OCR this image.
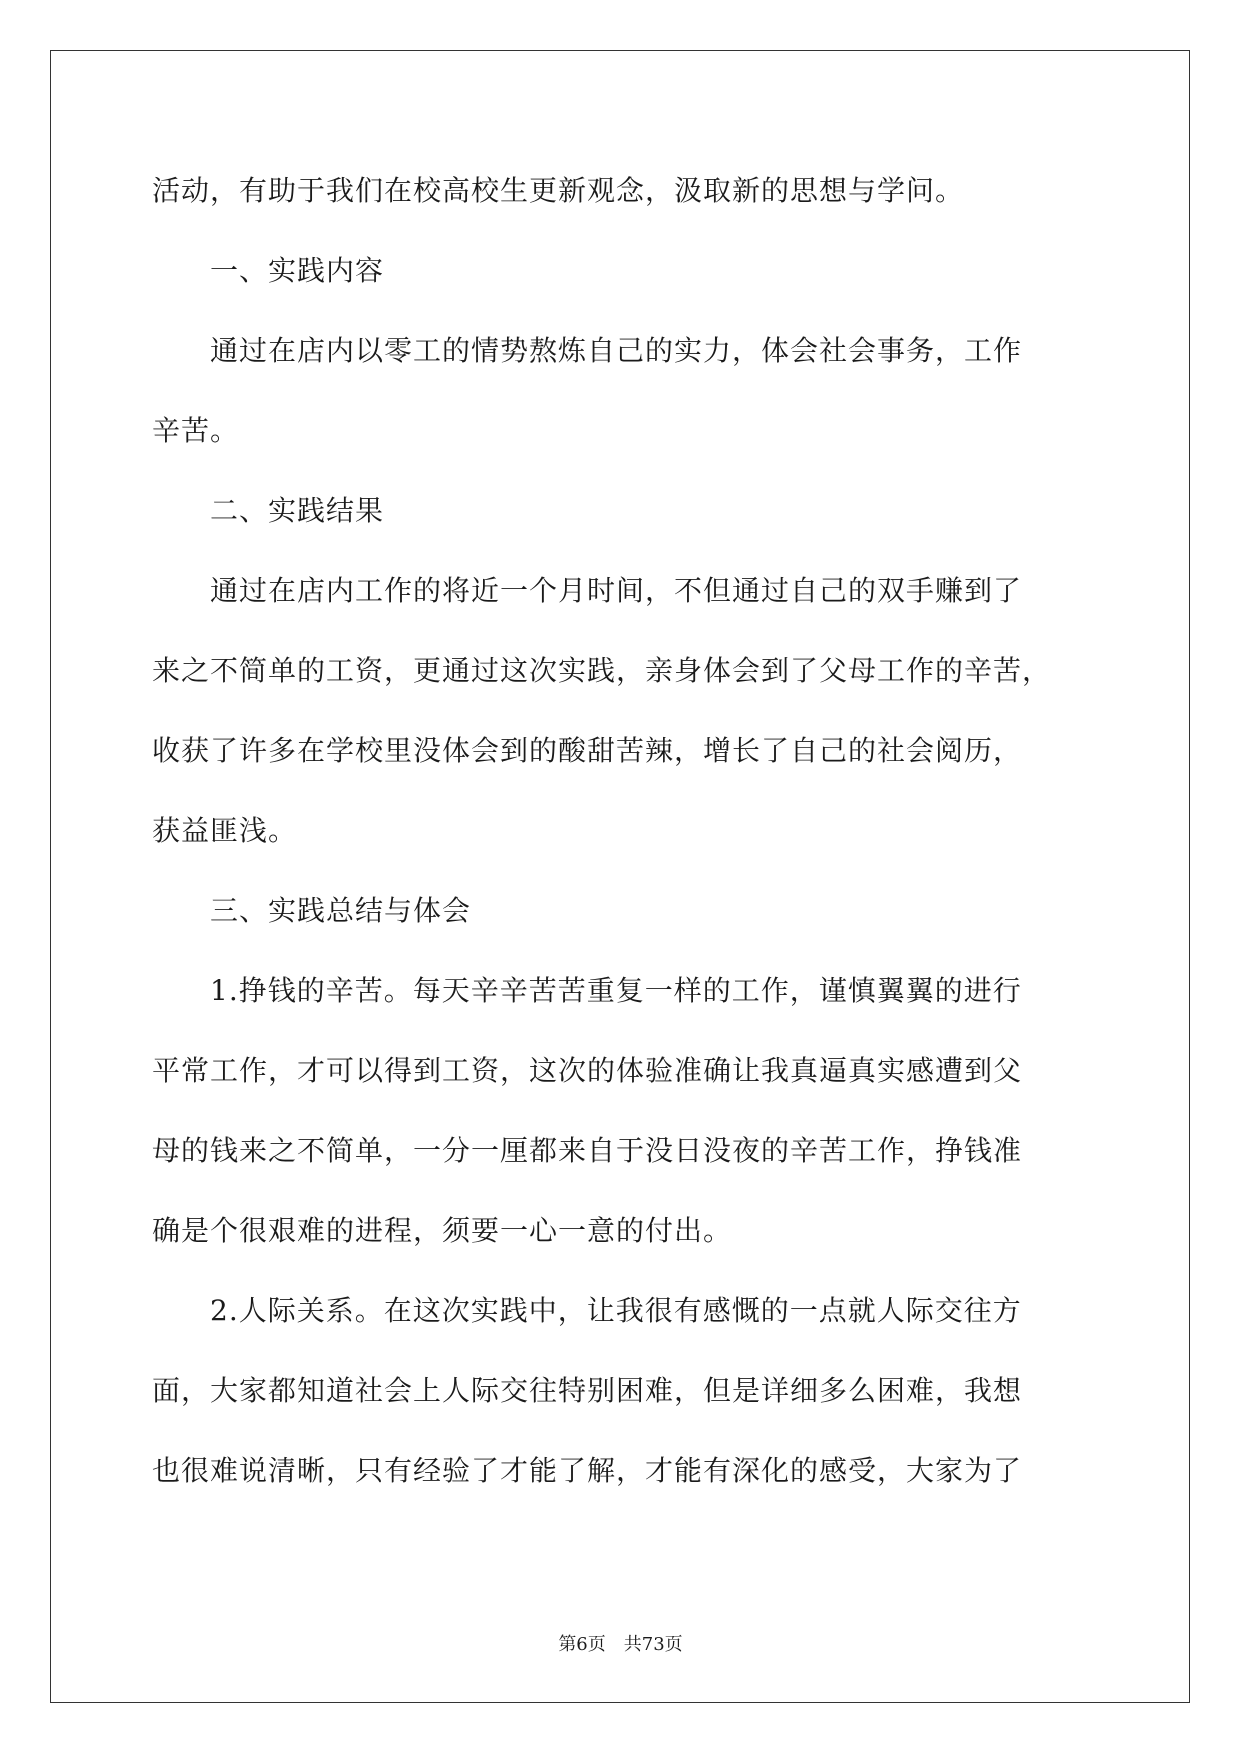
活动，有助于我们在校高校生更新观念，汲取新的思想与学问。
　　一、实践内容
　　通过在店内以零工的情势熬炼自己的实力，体会社会事务，工作
辛苦。
　　二、实践结果
　　通过在店内工作的将近一个月时间，不但通过自己的双手赚到了
来之不简单的工资，更通过这次实践，亲身体会到了父母工作的辛苦，
收获了许多在学校里没体会到的酸甜苦辣，增长了自己的社会阅历，
获益匪浅。
　　三、实践总结与体会
　　1.挣钱的辛苦。每天辛辛苦苦重复一样的工作，谨慎翼翼的进行
平常工作，才可以得到工资，这次的体验准确让我真逼真实感遭到父
母的钱来之不简单，一分一厘都来自于没日没夜的辛苦工作，挣钱准
确是个很艰难的进程，须要一心一意的付出。
　　2.人际关系。在这次实践中，让我很有感慨的一点就人际交往方
面，大家都知道社会上人际交往特别困难，但是详细多么困难，我想
也很难说清晰，只有经验了才能了解，才能有深化的感受，大家为了
第6页 共73页
